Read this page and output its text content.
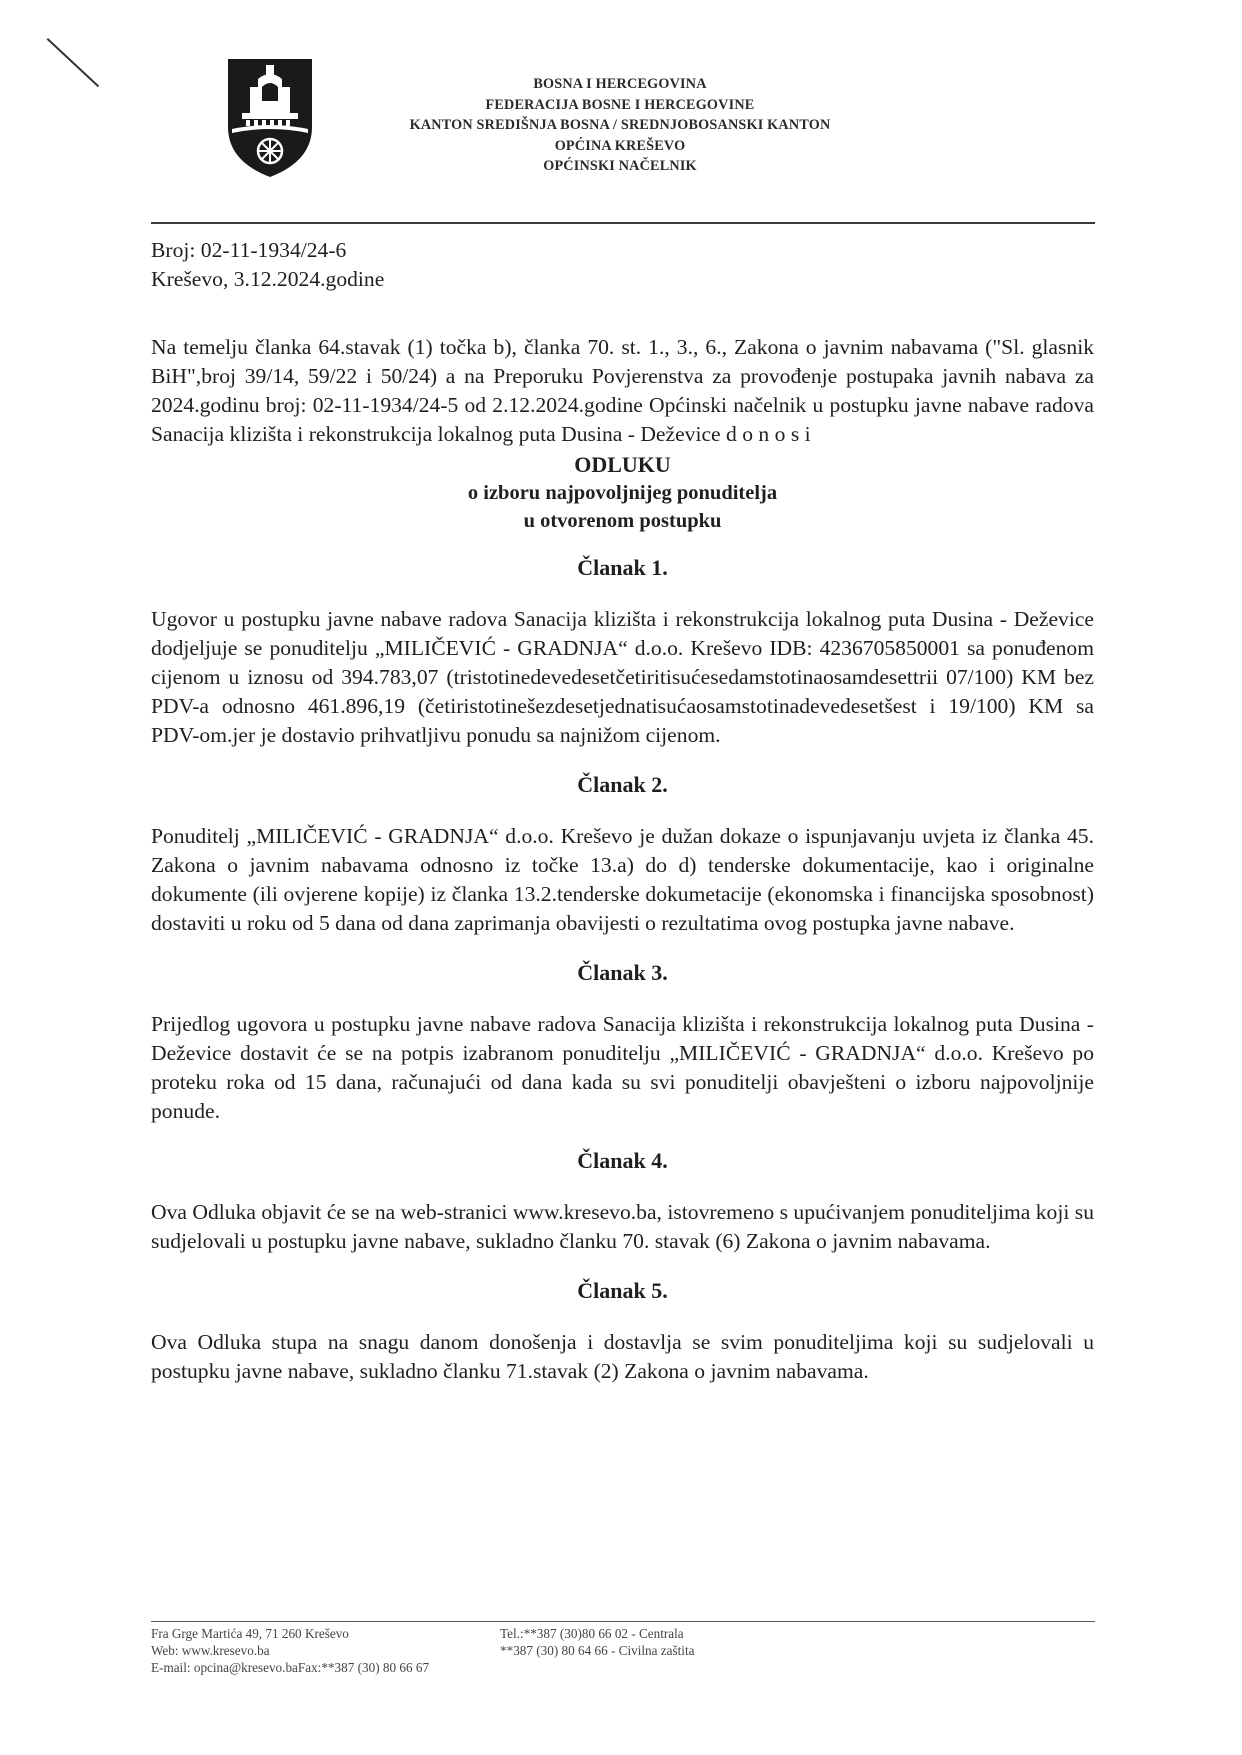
BOSNA I HERCEGOVINA
FEDERACIJA BOSNE I HERCEGOVINE
KANTON SREDIŠNJA BOSNA / SREDNJOBOSANSKI KANTON
OPĆINA KREŠEVO
OPĆINSKI NAČELNIK

Broj: 02-11-1934/24-6

Kreševo, 3.12.2024.godine

Na temelju članka 64.stavak (1) točka b), članka 70. st. 1., 3., 6., Zakona o javnim nabavama ("Sl. glasnik BiH",broj 39/14, 59/22 i 50/24) a na Preporuku Povjerenstva za provođenje postupaka javnih nabava za 2024.godinu broj: 02-11-1934/24-5 od 2.12.2024.godine Općinski načelnik u postupku javne nabave radova Sanacija klizišta i rekonstrukcija lokalnog puta Dusina - Deževice d o n o s i

ODLUKU

o izboru najpovoljnijeg ponuditelja

u otvorenom postupku

Članak 1.

Ugovor u postupku javne nabave radova Sanacija klizišta i rekonstrukcija lokalnog puta Dusina - Deževice dodjeljuje se ponuditelju „MILIČEVIĆ - GRADNJA“ d.o.o. Kreševo IDB: 4236705850001 sa ponuđenom cijenom u iznosu od 394.783,07 (tristotinedevedesetčetiritisućesedamstotinaosamdesettrii 07/100) KM bez PDV-a odnosno 461.896,19 (četiristotinešezdesetjednatisućaosamstotinadevedesetšest i 19/100) KM sa PDV-om.jer je dostavio prihvatljivu ponudu sa najnižom cijenom.

Članak 2.

Ponuditelj „MILIČEVIĆ - GRADNJA“ d.o.o. Kreševo je dužan dokaze o ispunjavanju uvjeta iz članka 45. Zakona o javnim nabavama odnosno iz točke 13.a) do d) tenderske dokumentacije, kao i originalne dokumente (ili ovjerene kopije) iz članka 13.2.tenderske dokumetacije (ekonomska i financijska sposobnost) dostaviti u roku od 5 dana od dana zaprimanja obavijesti o rezultatima ovog postupka javne nabave.

Članak 3.

Prijedlog ugovora u postupku javne nabave radova Sanacija klizišta i rekonstrukcija lokalnog puta Dusina - Deževice dostavit će se na potpis izabranom ponuditelju „MILIČEVIĆ - GRADNJA“ d.o.o. Kreševo po proteku roka od 15 dana, računajući od dana kada su svi ponuditelji obavješteni o izboru najpovoljnije ponude.

Članak 4.

Ova Odluka objavit će se na web-stranici www.kresevo.ba, istovremeno s upućivanjem ponuditeljima koji su sudjelovali u postupku javne nabave, sukladno članku 70. stavak (6) Zakona o javnim nabavama.

Članak 5.

Ova Odluka stupa na snagu danom donošenja i dostavlja se svim ponuditeljima koji su sudjelovali u postupku javne nabave, sukladno članku 71.stavak (2) Zakona o javnim nabavama.

Fra Grge Martića 49, 71 260 Kreševo
Web: www.kresevo.ba
E-mail: opcina@kresevo.baFax:**387 (30) 80 66 67
Tel.:**387 (30)80 66 02 - Centrala
**387 (30) 80 64 66 - Civilna zaštita
